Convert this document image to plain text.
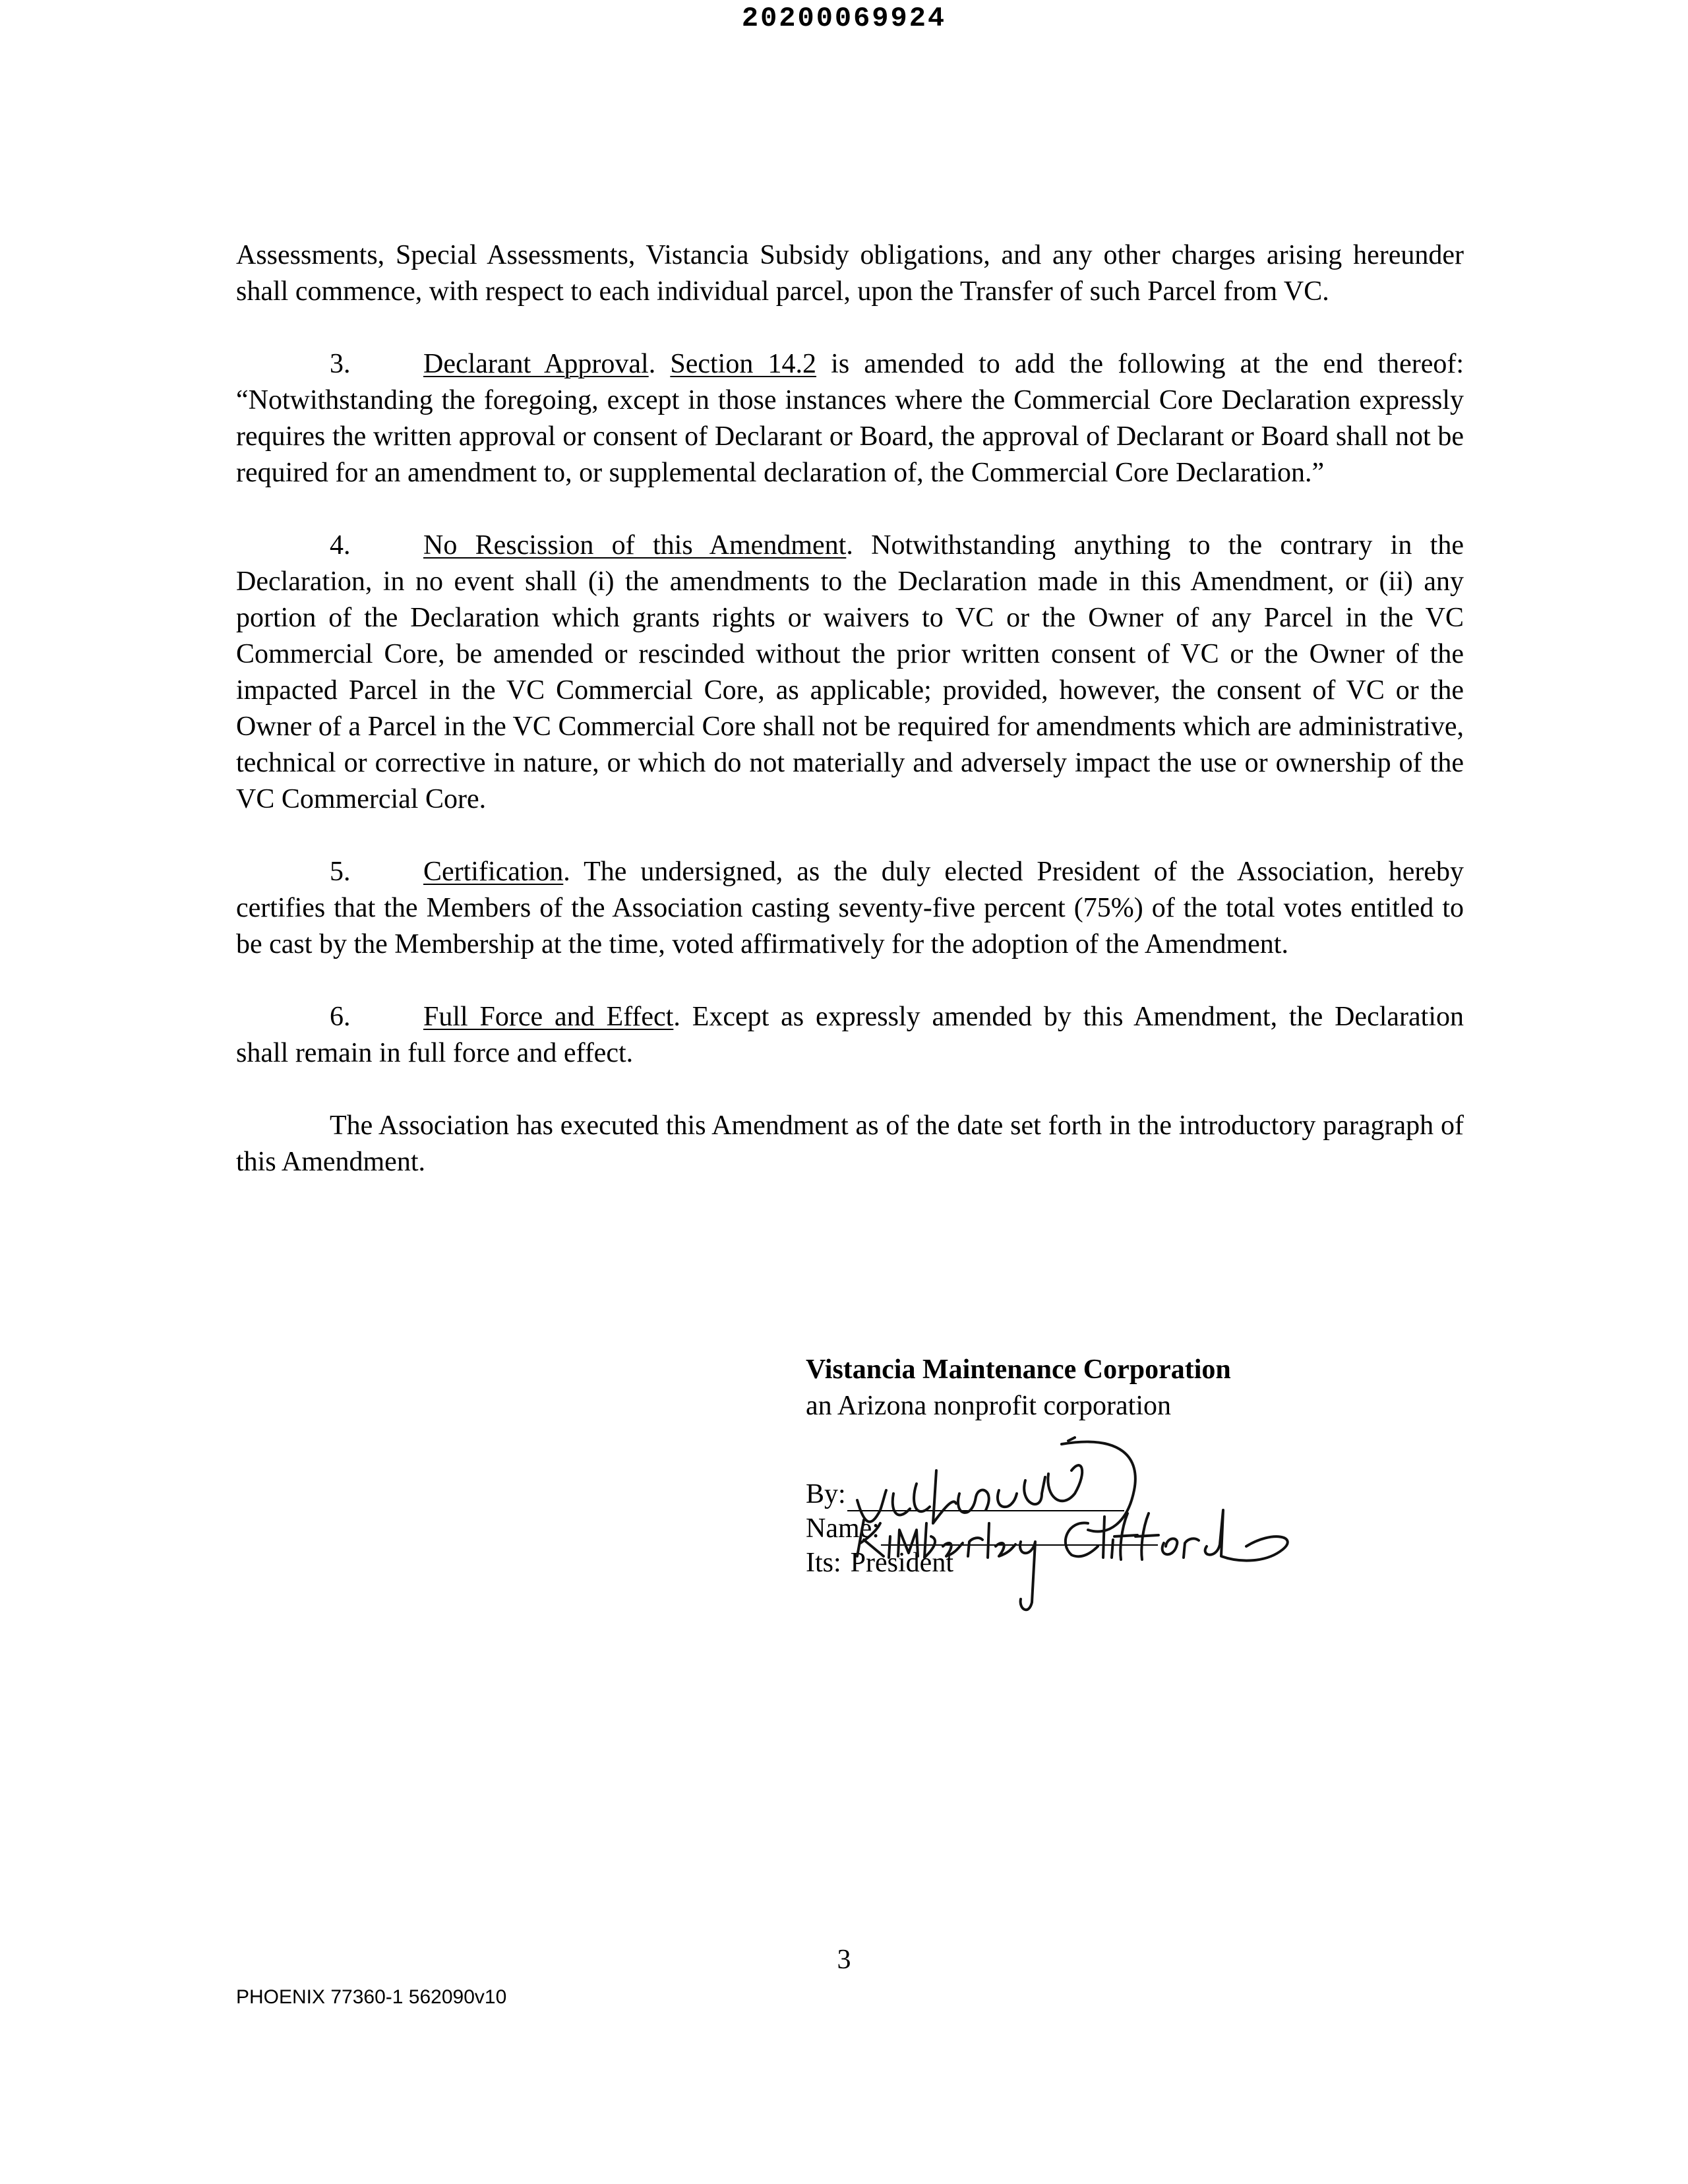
20200069924

Assessments, Special Assessments, Vistancia Subsidy obligations, and any other charges arising hereunder shall commence, with respect to each individual parcel, upon the Transfer of such Parcel from VC.

3.	Declarant Approval. Section 14.2 is amended to add the following at the end thereof: “Notwithstanding the foregoing, except in those instances where the Commercial Core Declaration expressly requires the written approval or consent of Declarant or Board, the approval of Declarant or Board shall not be required for an amendment to, or supplemental declaration of, the Commercial Core Declaration.”

4.	No Rescission of this Amendment. Notwithstanding anything to the contrary in the Declaration, in no event shall (i) the amendments to the Declaration made in this Amendment, or (ii) any portion of the Declaration which grants rights or waivers to VC or the Owner of any Parcel in the VC Commercial Core, be amended or rescinded without the prior written consent of VC or the Owner of the impacted Parcel in the VC Commercial Core, as applicable; provided, however, the consent of VC or the Owner of a Parcel in the VC Commercial Core shall not be required for amendments which are administrative, technical or corrective in nature, or which do not materially and adversely impact the use or ownership of the VC Commercial Core.

5.	Certification. The undersigned, as the duly elected President of the Association, hereby certifies that the Members of the Association casting seventy-five percent (75%) of the total votes entitled to be cast by the Membership at the time, voted affirmatively for the adoption of the Amendment.

6.	Full Force and Effect. Except as expressly amended by this Amendment, the Declaration shall remain in full force and effect.

The Association has executed this Amendment as of the date set forth in the introductory paragraph of this Amendment.

Vistancia Maintenance Corporation
an Arizona nonprofit corporation
By:
Name:
Its: President
3
PHOENIX 77360-1 562090v10
